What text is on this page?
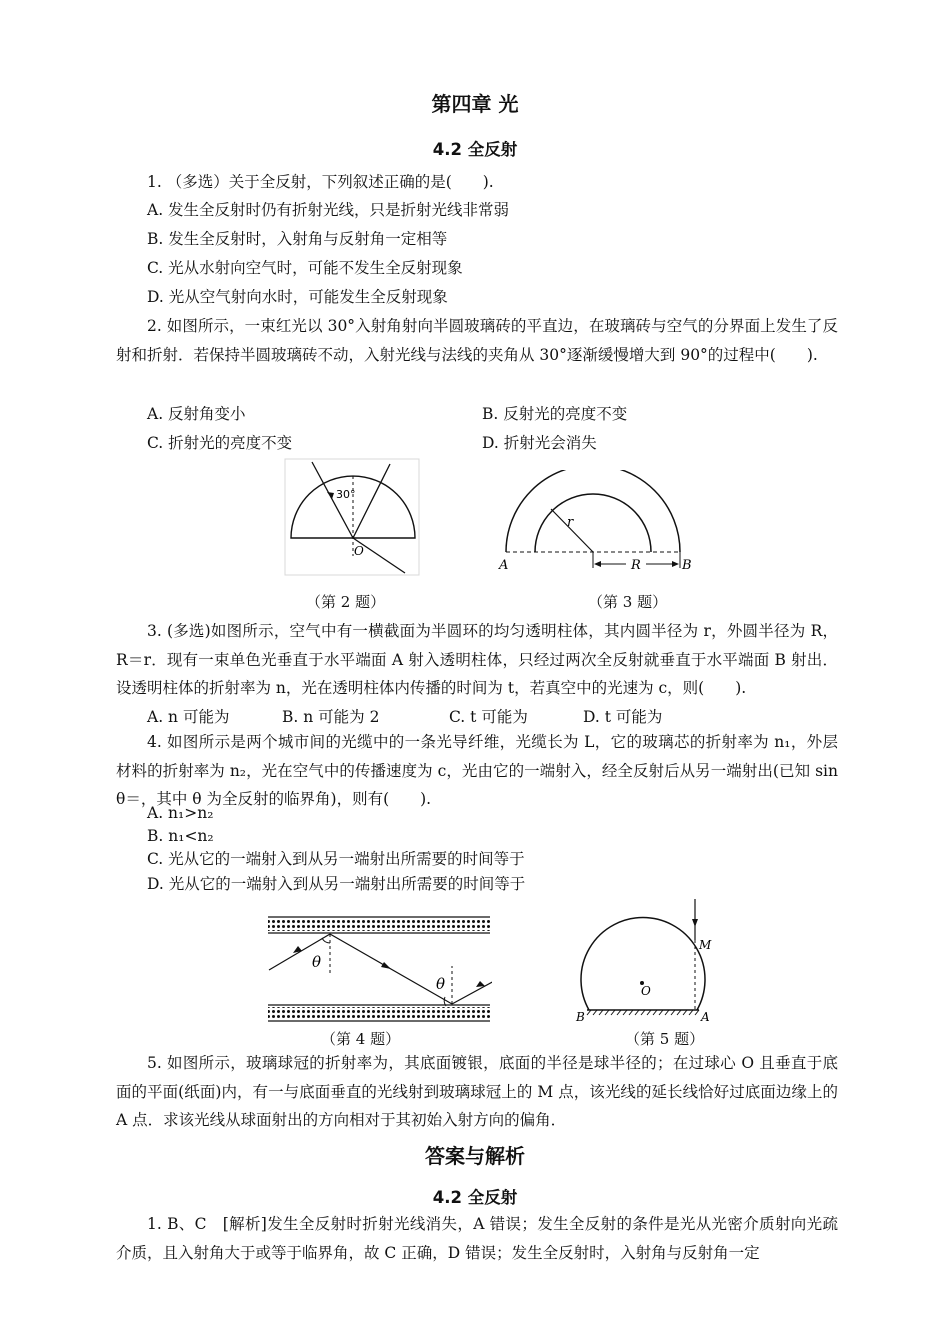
第四章 光
4.2 全反射
1. （多选）关于全反射，下列叙述正确的是(　　).
A. 发生全反射时仍有折射光线，只是折射光线非常弱
B. 发生全反射时，入射角与反射角一定相等
C. 光从水射向空气时，可能不发生全反射现象
D. 光从空气射向水时，可能发生全反射现象
2. 如图所示，一束红光以 30°入射角射向半圆玻璃砖的平直边，在玻璃砖与空气的分界面上发生了反射和折射．若保持半圆玻璃砖不动，入射光线与法线的夹角从 30°逐渐缓慢增大到 90°的过程中(　　).
A. 反射角变小	B. 反射光的亮度不变
C. 折射光的亮度不变	D. 折射光会消失
30°
O
（第 2 题）
r
R
A	B
（第 3 题）
3. (多选)如图所示，空气中有一横截面为半圆环的均匀透明柱体，其内圆半径为 r，外圆半径为 R，R＝r．现有一束单色光垂直于水平端面 A 射入透明柱体，只经过两次全反射就垂直于水平端面 B 射出．设透明柱体的折射率为 n，光在透明柱体内传播的时间为 t，若真空中的光速为 c，则(　　).
A. n 可能为	B. n 可能为 2	C. t 可能为	D. t 可能为
4. 如图所示是两个城市间的光缆中的一条光导纤维，光缆长为 L，它的玻璃芯的折射率为 n₁，外层材料的折射率为 n₂，光在空气中的传播速度为 c，光由它的一端射入，经全反射后从另一端射出(已知 sin θ＝，其中 θ 为全反射的临界角)，则有(　　).
A. n₁>n₂
B. n₁<n₂
C. 光从它的一端射入到从另一端射出所需要的时间等于
D. 光从它的一端射入到从另一端射出所需要的时间等于
θ
θ
（第 4 题）
M
O
A
B
（第 5 题）
5. 如图所示，玻璃球冠的折射率为，其底面镀银，底面的半径是球半径的；在过球心 O 且垂直于底面的平面(纸面)内，有一与底面垂直的光线射到玻璃球冠上的 M 点，该光线的延长线恰好过底面边缘上的 A 点．求该光线从球面射出的方向相对于其初始入射方向的偏角．
答案与解析
4.2 全反射
1. B、C　[解析]发生全反射时折射光线消失，A 错误；发生全反射的条件是光从光密介质射向光疏介质，且入射角大于或等于临界角，故 C 正确，D 错误；发生全反射时，入射角与反射角一定
